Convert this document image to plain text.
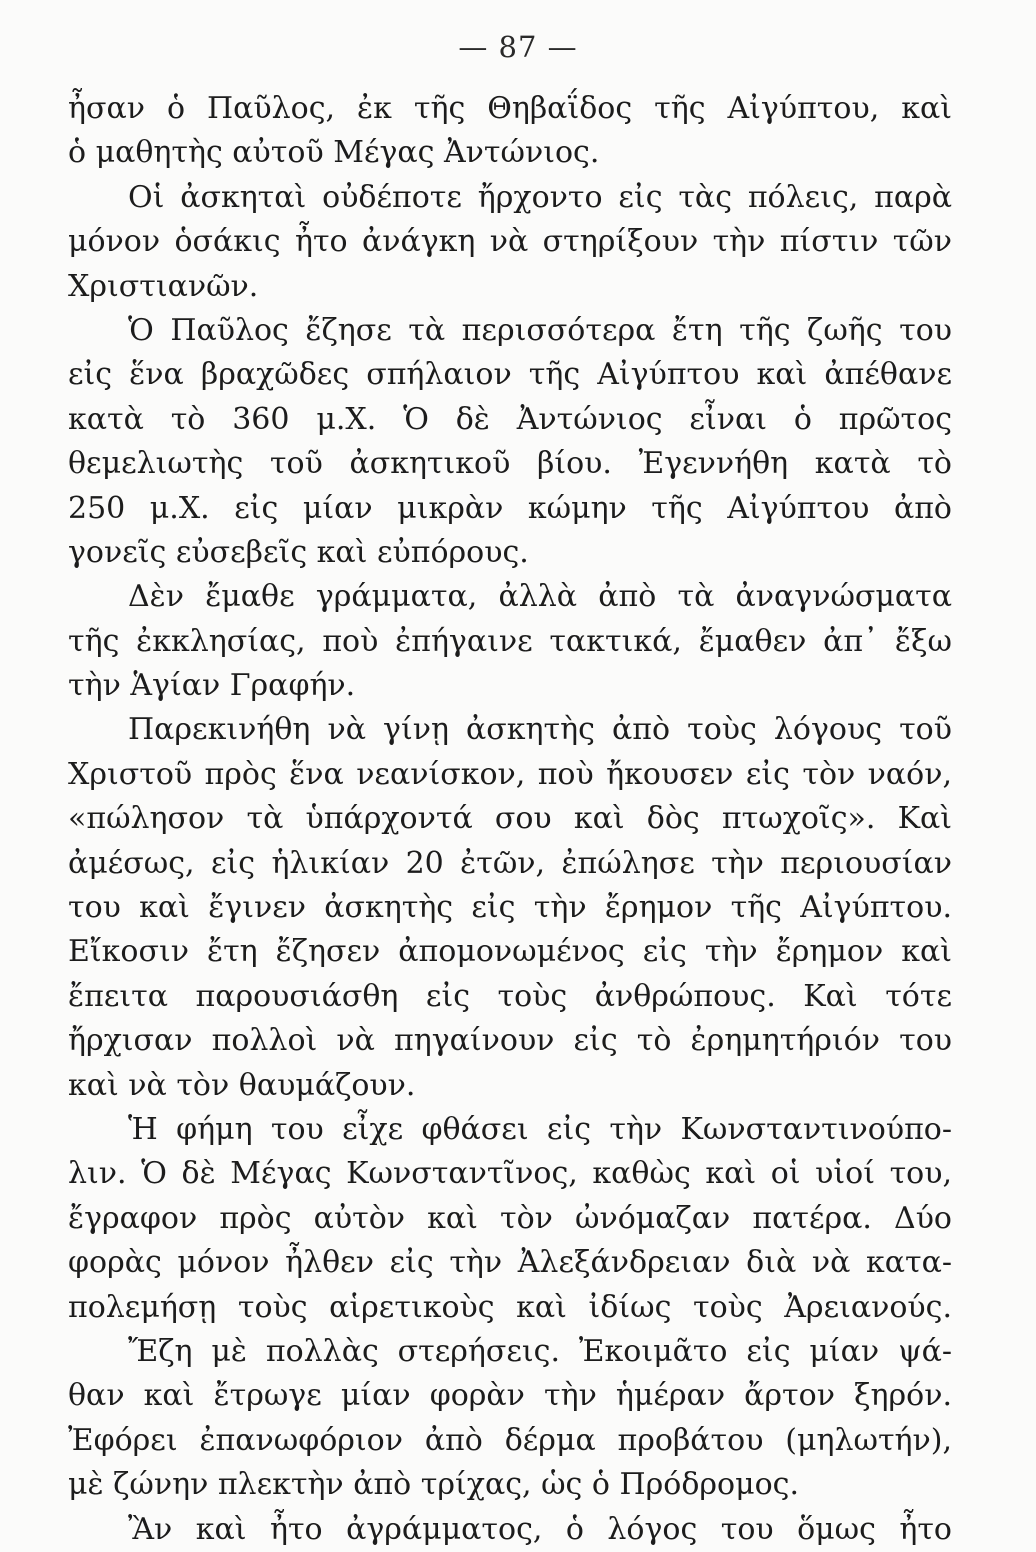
— 87 —
ἦσαν ὁ Παῦλος, ἐκ τῆς Θηβαΐδος τῆς Αἰγύπτου, καὶ
ὁ μαθητὴς αὐτοῦ Μέγας Ἀντώνιος.
Οἱ ἀσκηταὶ οὐδέποτε ἤρχοντο εἰς τὰς πόλεις, παρὰ
μόνον ὁσάκις ἦτο ἀνάγκη νὰ στηρίξουν τὴν πίστιν τῶν
Χριστιανῶν.
Ὁ Παῦλος ἔζησε τὰ περισσότερα ἔτη τῆς ζωῆς του
εἰς ἕνα βραχῶδες σπήλαιον τῆς Αἰγύπτου καὶ ἀπέθανε
κατὰ τὸ 360 μ.Χ. Ὁ δὲ Ἀντώνιος εἶναι ὁ πρῶτος
θεμελιωτὴς τοῦ ἀσκητικοῦ βίου. Ἐγεννήθη κατὰ τὸ
250 μ.Χ. εἰς μίαν μικρὰν κώμην τῆς Αἰγύπτου ἀπὸ
γονεῖς εὐσεβεῖς καὶ εὐπόρους.
Δὲν ἔμαθε γράμματα, ἀλλὰ ἀπὸ τὰ ἀναγνώσματα
τῆς ἐκκλησίας, ποὺ ἐπήγαινε τακτικά, ἔμαθεν ἀπ᾿ ἔξω
τὴν Ἁγίαν Γραφήν.
Παρεκινήθη νὰ γίνῃ ἀσκητὴς ἀπὸ τοὺς λόγους τοῦ
Χριστοῦ πρὸς ἕνα νεανίσκον, ποὺ ἤκουσεν εἰς τὸν ναόν,
«πώλησον τὰ ὑπάρχοντά σου καὶ δὸς πτωχοῖς». Καὶ
ἀμέσως, εἰς ἡλικίαν 20 ἐτῶν, ἐπώλησε τὴν περιουσίαν
του καὶ ἔγινεν ἀσκητὴς εἰς τὴν ἔρημον τῆς Αἰγύπτου.
Εἴκοσιν ἔτη ἔζησεν ἀπομονωμένος εἰς τὴν ἔρημον καὶ
ἔπειτα παρουσιάσθη εἰς τοὺς ἀνθρώπους. Καὶ τότε
ἤρχισαν πολλοὶ νὰ πηγαίνουν εἰς τὸ ἐρημητήριόν του
καὶ νὰ τὸν θαυμάζουν.
Ἡ φήμη του εἶχε φθάσει εἰς τὴν Κωνσταντινούπο-
λιν. Ὁ δὲ Μέγας Κωνσταντῖνος, καθὼς καὶ οἱ υἱοί του,
ἔγραφον πρὸς αὐτὸν καὶ τὸν ὠνόμαζαν πατέρα. Δύο
φορὰς μόνον ἦλθεν εἰς τὴν Ἀλεξάνδρειαν διὰ νὰ κατα-
πολεμήσῃ τοὺς αἱρετικοὺς καὶ ἰδίως τοὺς Ἀρειανούς.
Ἔζη μὲ πολλὰς στερήσεις. Ἐκοιμᾶτο εἰς μίαν ψά-
θαν καὶ ἔτρωγε μίαν φορὰν τὴν ἡμέραν ἄρτον ξηρόν.
Ἐφόρει ἐπανωφόριον ἀπὸ δέρμα προβάτου (μηλωτήν),
μὲ ζώνην πλεκτὴν ἀπὸ τρίχας, ὡς ὁ Πρόδρομος.
Ἂν καὶ ἦτο ἀγράμματος, ὁ λόγος του ὅμως ἦτο
